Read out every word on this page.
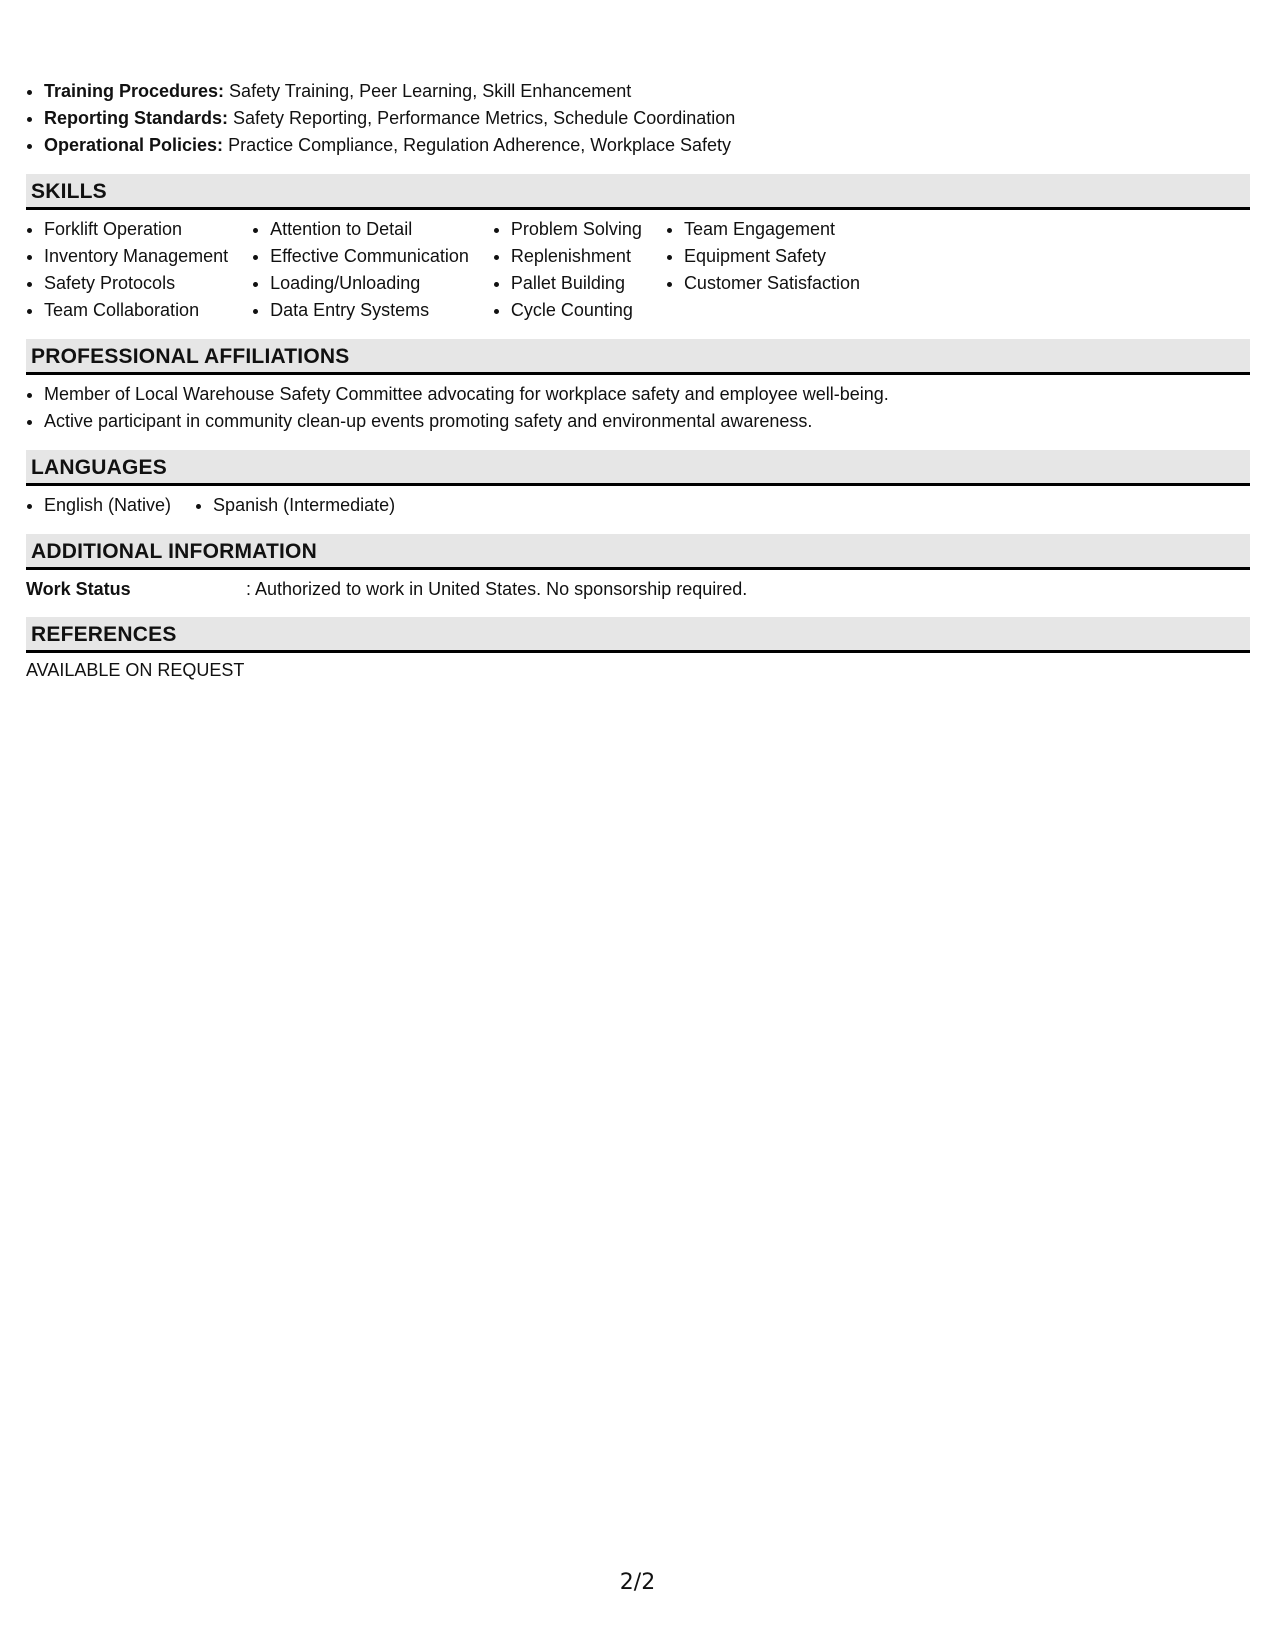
• Training Procedures: Safety Training, Peer Learning, Skill Enhancement
• Reporting Standards: Safety Reporting, Performance Metrics, Schedule Coordination
• Operational Policies: Practice Compliance, Regulation Adherence, Workplace Safety
SKILLS
• Forklift Operation
• Inventory Management
• Safety Protocols
• Team Collaboration
• Attention to Detail
• Effective Communication
• Loading/Unloading
• Data Entry Systems
• Problem Solving
• Replenishment
• Pallet Building
• Cycle Counting
• Team Engagement
• Equipment Safety
• Customer Satisfaction
PROFESSIONAL AFFILIATIONS
• Member of Local Warehouse Safety Committee advocating for workplace safety and employee well-being.
• Active participant in community clean-up events promoting safety and environmental awareness.
LANGUAGES
• English (Native)
• Spanish (Intermediate)
ADDITIONAL INFORMATION
Work Status	: Authorized to work in United States. No sponsorship required.
REFERENCES
AVAILABLE ON REQUEST
2/2
